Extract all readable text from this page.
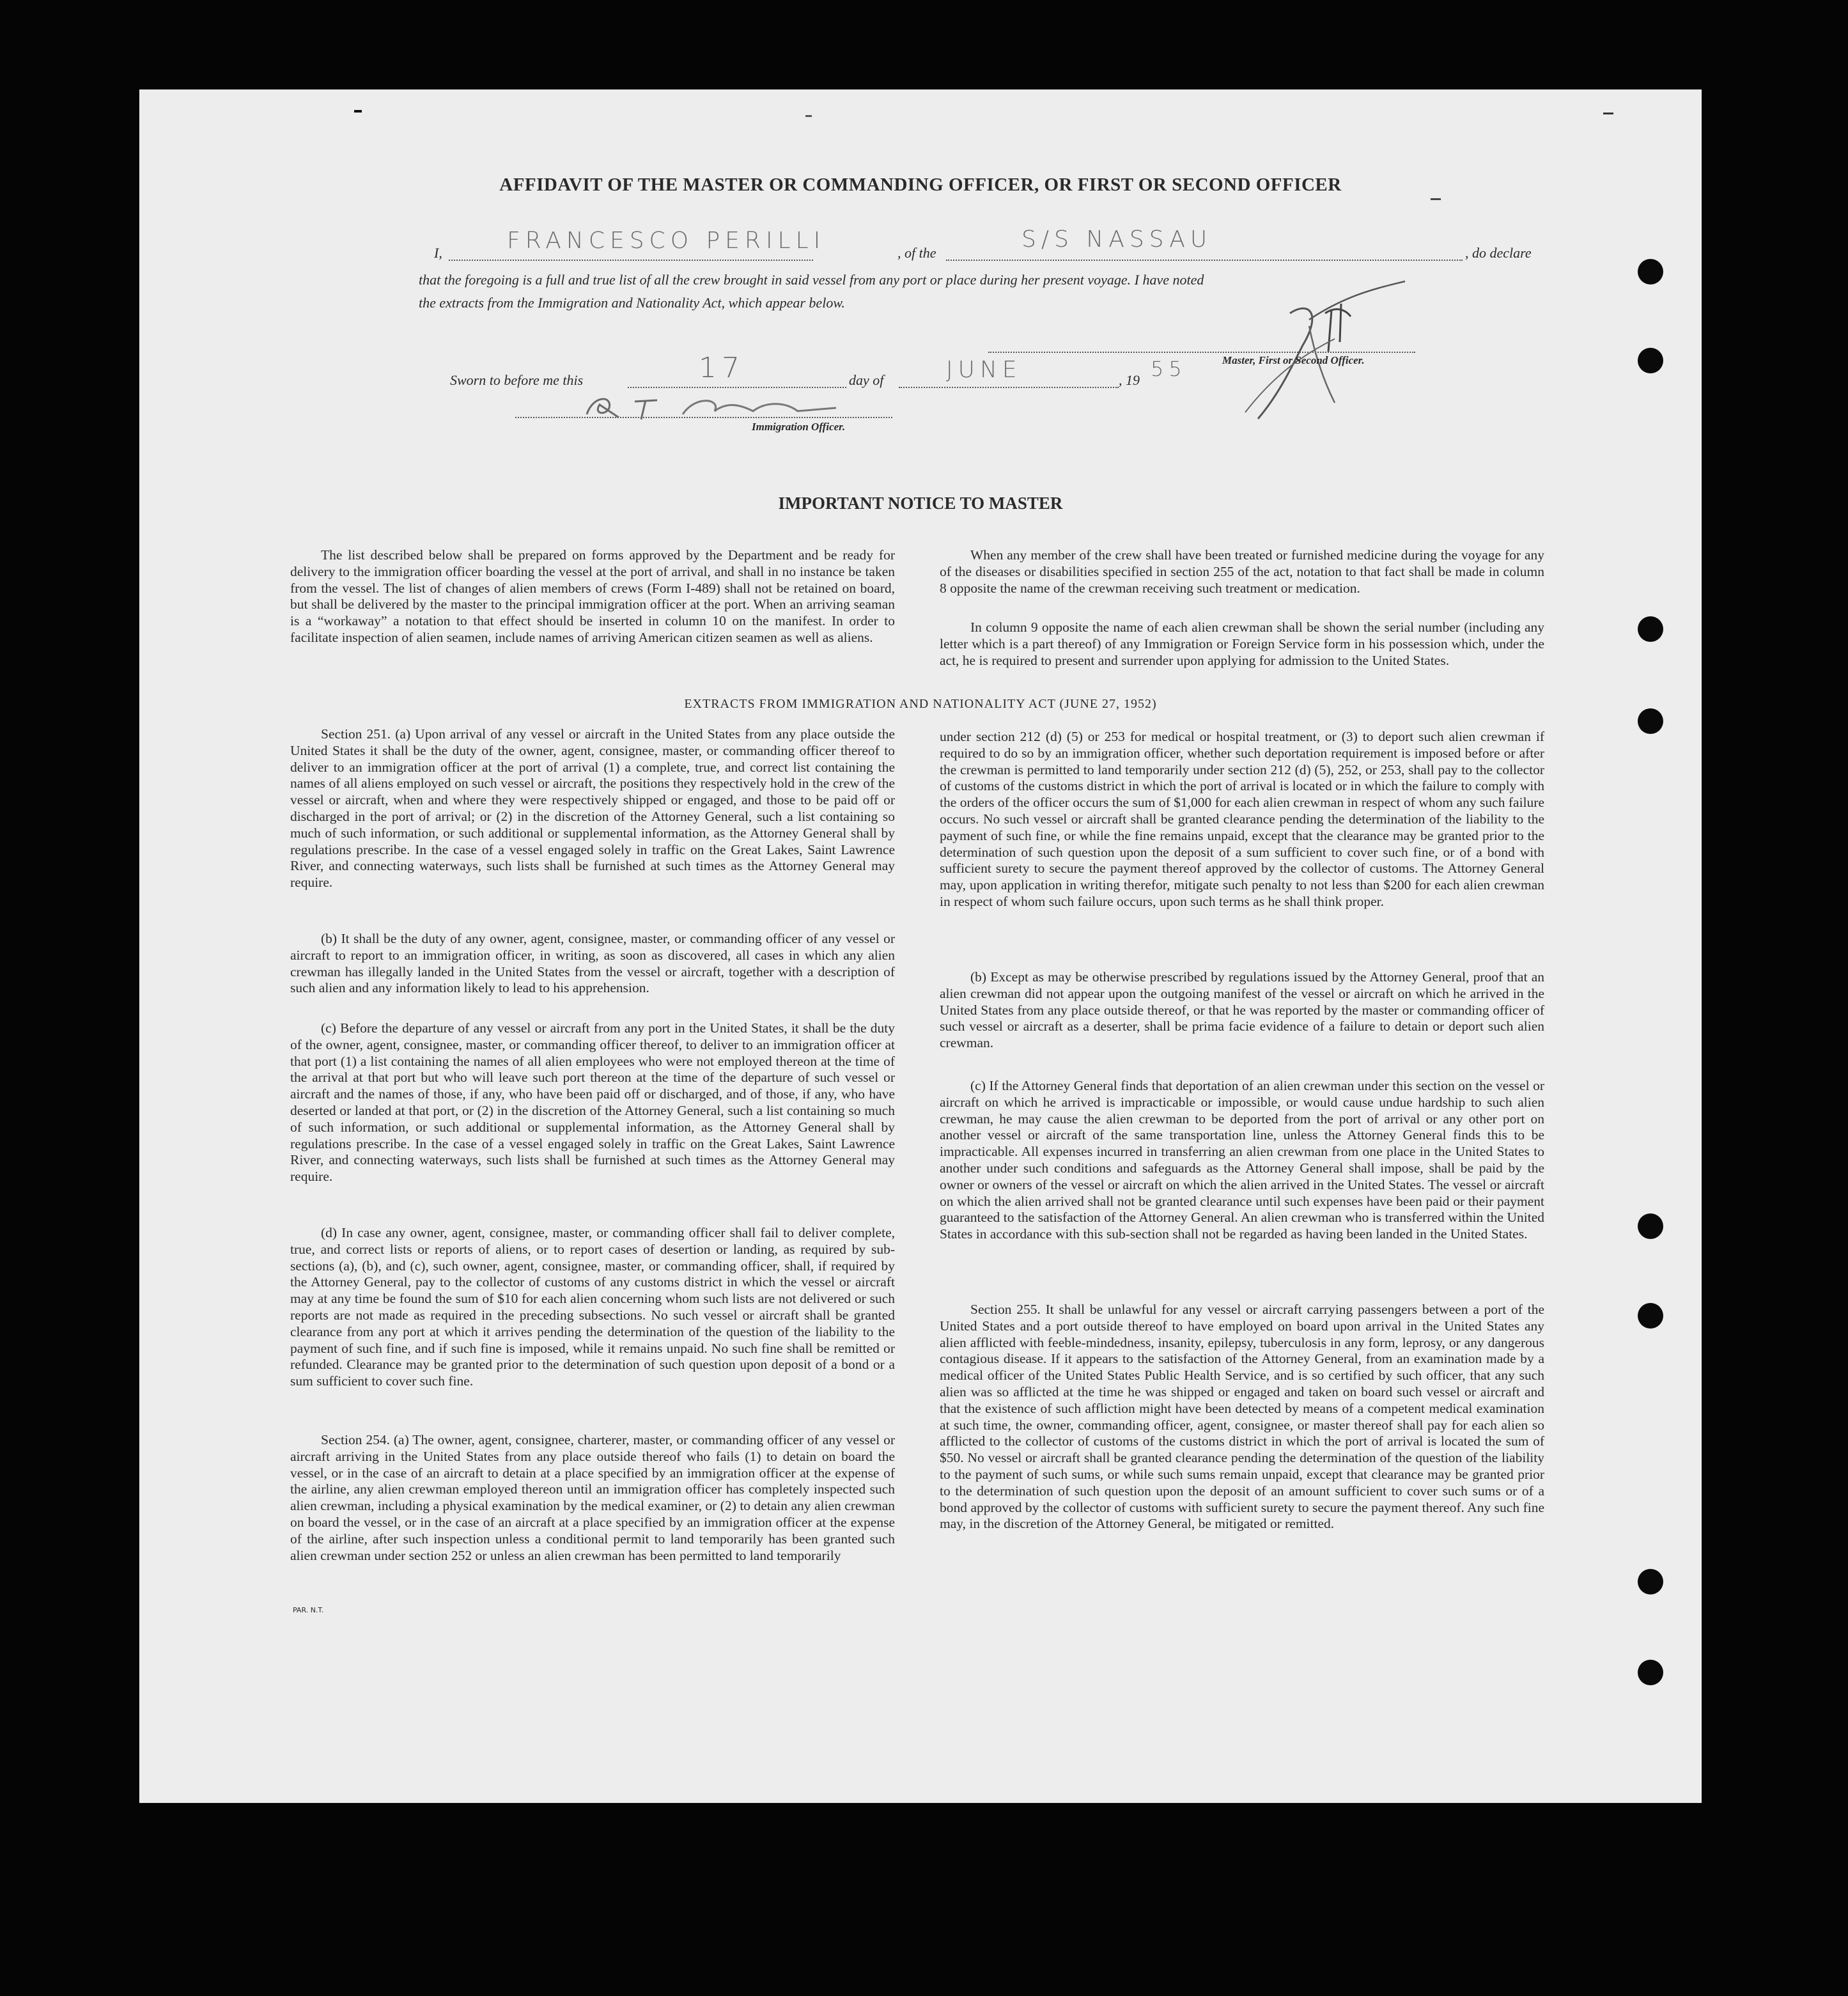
AFFIDAVIT OF THE MASTER OR COMMANDING OFFICER, OR FIRST OR SECOND OFFICER
I,	FRANCESCO PERILLI	, of the
S/S NASSAU
, do declare
that the foregoing is a full and true list of all the crew brought in said vessel from any port or place during her present voyage. I have noted
the extracts from the Immigration and Nationality Act, which appear below.
Master, First or Second Officer.
Sworn to before me this	17	day of	JUNE	, 19 55
Immigration Officer.
IMPORTANT NOTICE TO MASTER

The list described below shall be prepared on forms approved by the Department and be ready for delivery to the immigration officer boarding the vessel at the port of arrival, and shall in no instance be taken from the vessel. The list of changes of alien members of crews (Form I-489) shall not be retained on board, but shall be delivered by the master to the principal immigration officer at the port. When an arriving seaman is a “workaway” a notation to that effect should be inserted in column 10 on the manifest. In order to facilitate inspection of alien seamen, include names of arriving American citizen seamen as well as aliens.

When any member of the crew shall have been treated or furnished medicine during the voyage for any of the diseases or disabilities specified in section 255 of the act, notation to that fact shall be made in column 8 opposite the name of the crewman receiving such treatment or medication.

In column 9 opposite the name of each alien crewman shall be shown the serial number (including any letter which is a part thereof) of any Immigration or Foreign Service form in his possession which, under the act, he is required to present and surrender upon applying for admission to the United States.

EXTRACTS FROM IMMIGRATION AND NATIONALITY ACT (JUNE 27, 1952)

Section 251. (a) Upon arrival of any vessel or aircraft in the United States from any place outside the United States it shall be the duty of the owner, agent, consignee, master, or commanding officer thereof to deliver to an immigration officer at the port of arrival (1) a complete, true, and correct list containing the names of all aliens employed on such vessel or aircraft, the positions they respectively hold in the crew of the vessel or aircraft, when and where they were respectively shipped or engaged, and those to be paid off or discharged in the port of arrival; or (2) in the discretion of the Attorney General, such a list containing so much of such information, or such additional or supplemental information, as the Attorney General shall by regulations prescribe. In the case of a vessel engaged solely in traffic on the Great Lakes, Saint Lawrence River, and connecting waterways, such lists shall be furnished at such times as the Attorney General may require.

(b) It shall be the duty of any owner, agent, consignee, master, or commanding officer of any vessel or aircraft to report to an immigration officer, in writing, as soon as discovered, all cases in which any alien crewman has illegally landed in the United States from the vessel or aircraft, together with a description of such alien and any information likely to lead to his apprehension.

(c) Before the departure of any vessel or aircraft from any port in the United States, it shall be the duty of the owner, agent, consignee, master, or commanding officer thereof, to deliver to an immigration officer at that port (1) a list containing the names of all alien employees who were not employed thereon at the time of the arrival at that port but who will leave such port thereon at the time of the departure of such vessel or aircraft and the names of those, if any, who have been paid off or discharged, and of those, if any, who have deserted or landed at that port, or (2) in the discretion of the Attorney General, such a list containing so much of such information, or such additional or supplemental information, as the Attorney General shall by regulations prescribe. In the case of a vessel engaged solely in traffic on the Great Lakes, Saint Lawrence River, and connecting waterways, such lists shall be furnished at such times as the Attorney General may require.

(d) In case any owner, agent, consignee, master, or commanding officer shall fail to deliver complete, true, and correct lists or reports of aliens, or to report cases of desertion or landing, as required by sub-sections (a), (b), and (c), such owner, agent, consignee, master, or commanding officer, shall, if required by the Attorney General, pay to the collector of customs of any customs district in which the vessel or aircraft may at any time be found the sum of $10 for each alien concerning whom such lists are not delivered or such reports are not made as required in the preceding subsections. No such vessel or aircraft shall be granted clearance from any port at which it arrives pending the determination of the question of the liability to the payment of such fine, and if such fine is imposed, while it remains unpaid. No such fine shall be remitted or refunded. Clearance may be granted prior to the determination of such question upon deposit of a bond or a sum sufficient to cover such fine.

Section 254. (a) The owner, agent, consignee, charterer, master, or commanding officer of any vessel or aircraft arriving in the United States from any place outside thereof who fails (1) to detain on board the vessel, or in the case of an aircraft to detain at a place specified by an immigration officer at the expense of the airline, any alien crewman employed thereon until an immigration officer has completely inspected such alien crewman, including a physical examination by the medical examiner, or (2) to detain any alien crewman on board the vessel, or in the case of an aircraft at a place specified by an immigration officer at the expense of the airline, after such inspection unless a conditional permit to land temporarily has been granted such alien crewman under section 252 or unless an alien crewman has been permitted to land temporarily

PAR. N.T.

under section 212 (d) (5) or 253 for medical or hospital treatment, or (3) to deport such alien crewman if required to do so by an immigration officer, whether such deportation requirement is imposed before or after the crewman is permitted to land temporarily under section 212 (d) (5), 252, or 253, shall pay to the collector of customs of the customs district in which the port of arrival is located or in which the failure to comply with the orders of the officer occurs the sum of $1,000 for each alien crewman in respect of whom any such failure occurs. No such vessel or aircraft shall be granted clearance pending the determination of the liability to the payment of such fine, or while the fine remains unpaid, except that the clearance may be granted prior to the determination of such question upon the deposit of a sum sufficient to cover such fine, or of a bond with sufficient surety to secure the payment thereof approved by the collector of customs. The Attorney General may, upon application in writing therefor, mitigate such penalty to not less than $200 for each alien crewman in respect of whom such failure occurs, upon such terms as he shall think proper.

(b) Except as may be otherwise prescribed by regulations issued by the Attorney General, proof that an alien crewman did not appear upon the outgoing manifest of the vessel or aircraft on which he arrived in the United States from any place outside thereof, or that he was reported by the master or commanding officer of such vessel or aircraft as a deserter, shall be prima facie evidence of a failure to detain or deport such alien crewman.

(c) If the Attorney General finds that deportation of an alien crewman under this section on the vessel or aircraft on which he arrived is impracticable or impossible, or would cause undue hardship to such alien crewman, he may cause the alien crewman to be deported from the port of arrival or any other port on another vessel or aircraft of the same transportation line, unless the Attorney General finds this to be impracticable. All expenses incurred in transferring an alien crewman from one place in the United States to another under such conditions and safeguards as the Attorney General shall impose, shall be paid by the owner or owners of the vessel or aircraft on which the alien arrived in the United States. The vessel or aircraft on which the alien arrived shall not be granted clearance until such expenses have been paid or their payment guaranteed to the satisfaction of the Attorney General. An alien crewman who is transferred within the United States in accordance with this sub-section shall not be regarded as having been landed in the United States.

Section 255. It shall be unlawful for any vessel or aircraft carrying passengers between a port of the United States and a port outside thereof to have employed on board upon arrival in the United States any alien afflicted with feeble-mindedness, insanity, epilepsy, tuberculosis in any form, leprosy, or any dangerous contagious disease. If it appears to the satisfaction of the Attorney General, from an examination made by a medical officer of the United States Public Health Service, and is so certified by such officer, that any such alien was so afflicted at the time he was shipped or engaged and taken on board such vessel or aircraft and that the existence of such affliction might have been detected by means of a competent medical examination at such time, the owner, commanding officer, agent, consignee, or master thereof shall pay for each alien so afflicted to the collector of customs of the customs district in which the port of arrival is located the sum of $50. No vessel or aircraft shall be granted clearance pending the determination of the question of the liability to the payment of such sums, or while such sums remain unpaid, except that clearance may be granted prior to the determination of such question upon the deposit of an amount sufficient to cover such sums or of a bond approved by the collector of customs with sufficient surety to secure the payment thereof. Any such fine may, in the discretion of the Attorney General, be mitigated or remitted.
